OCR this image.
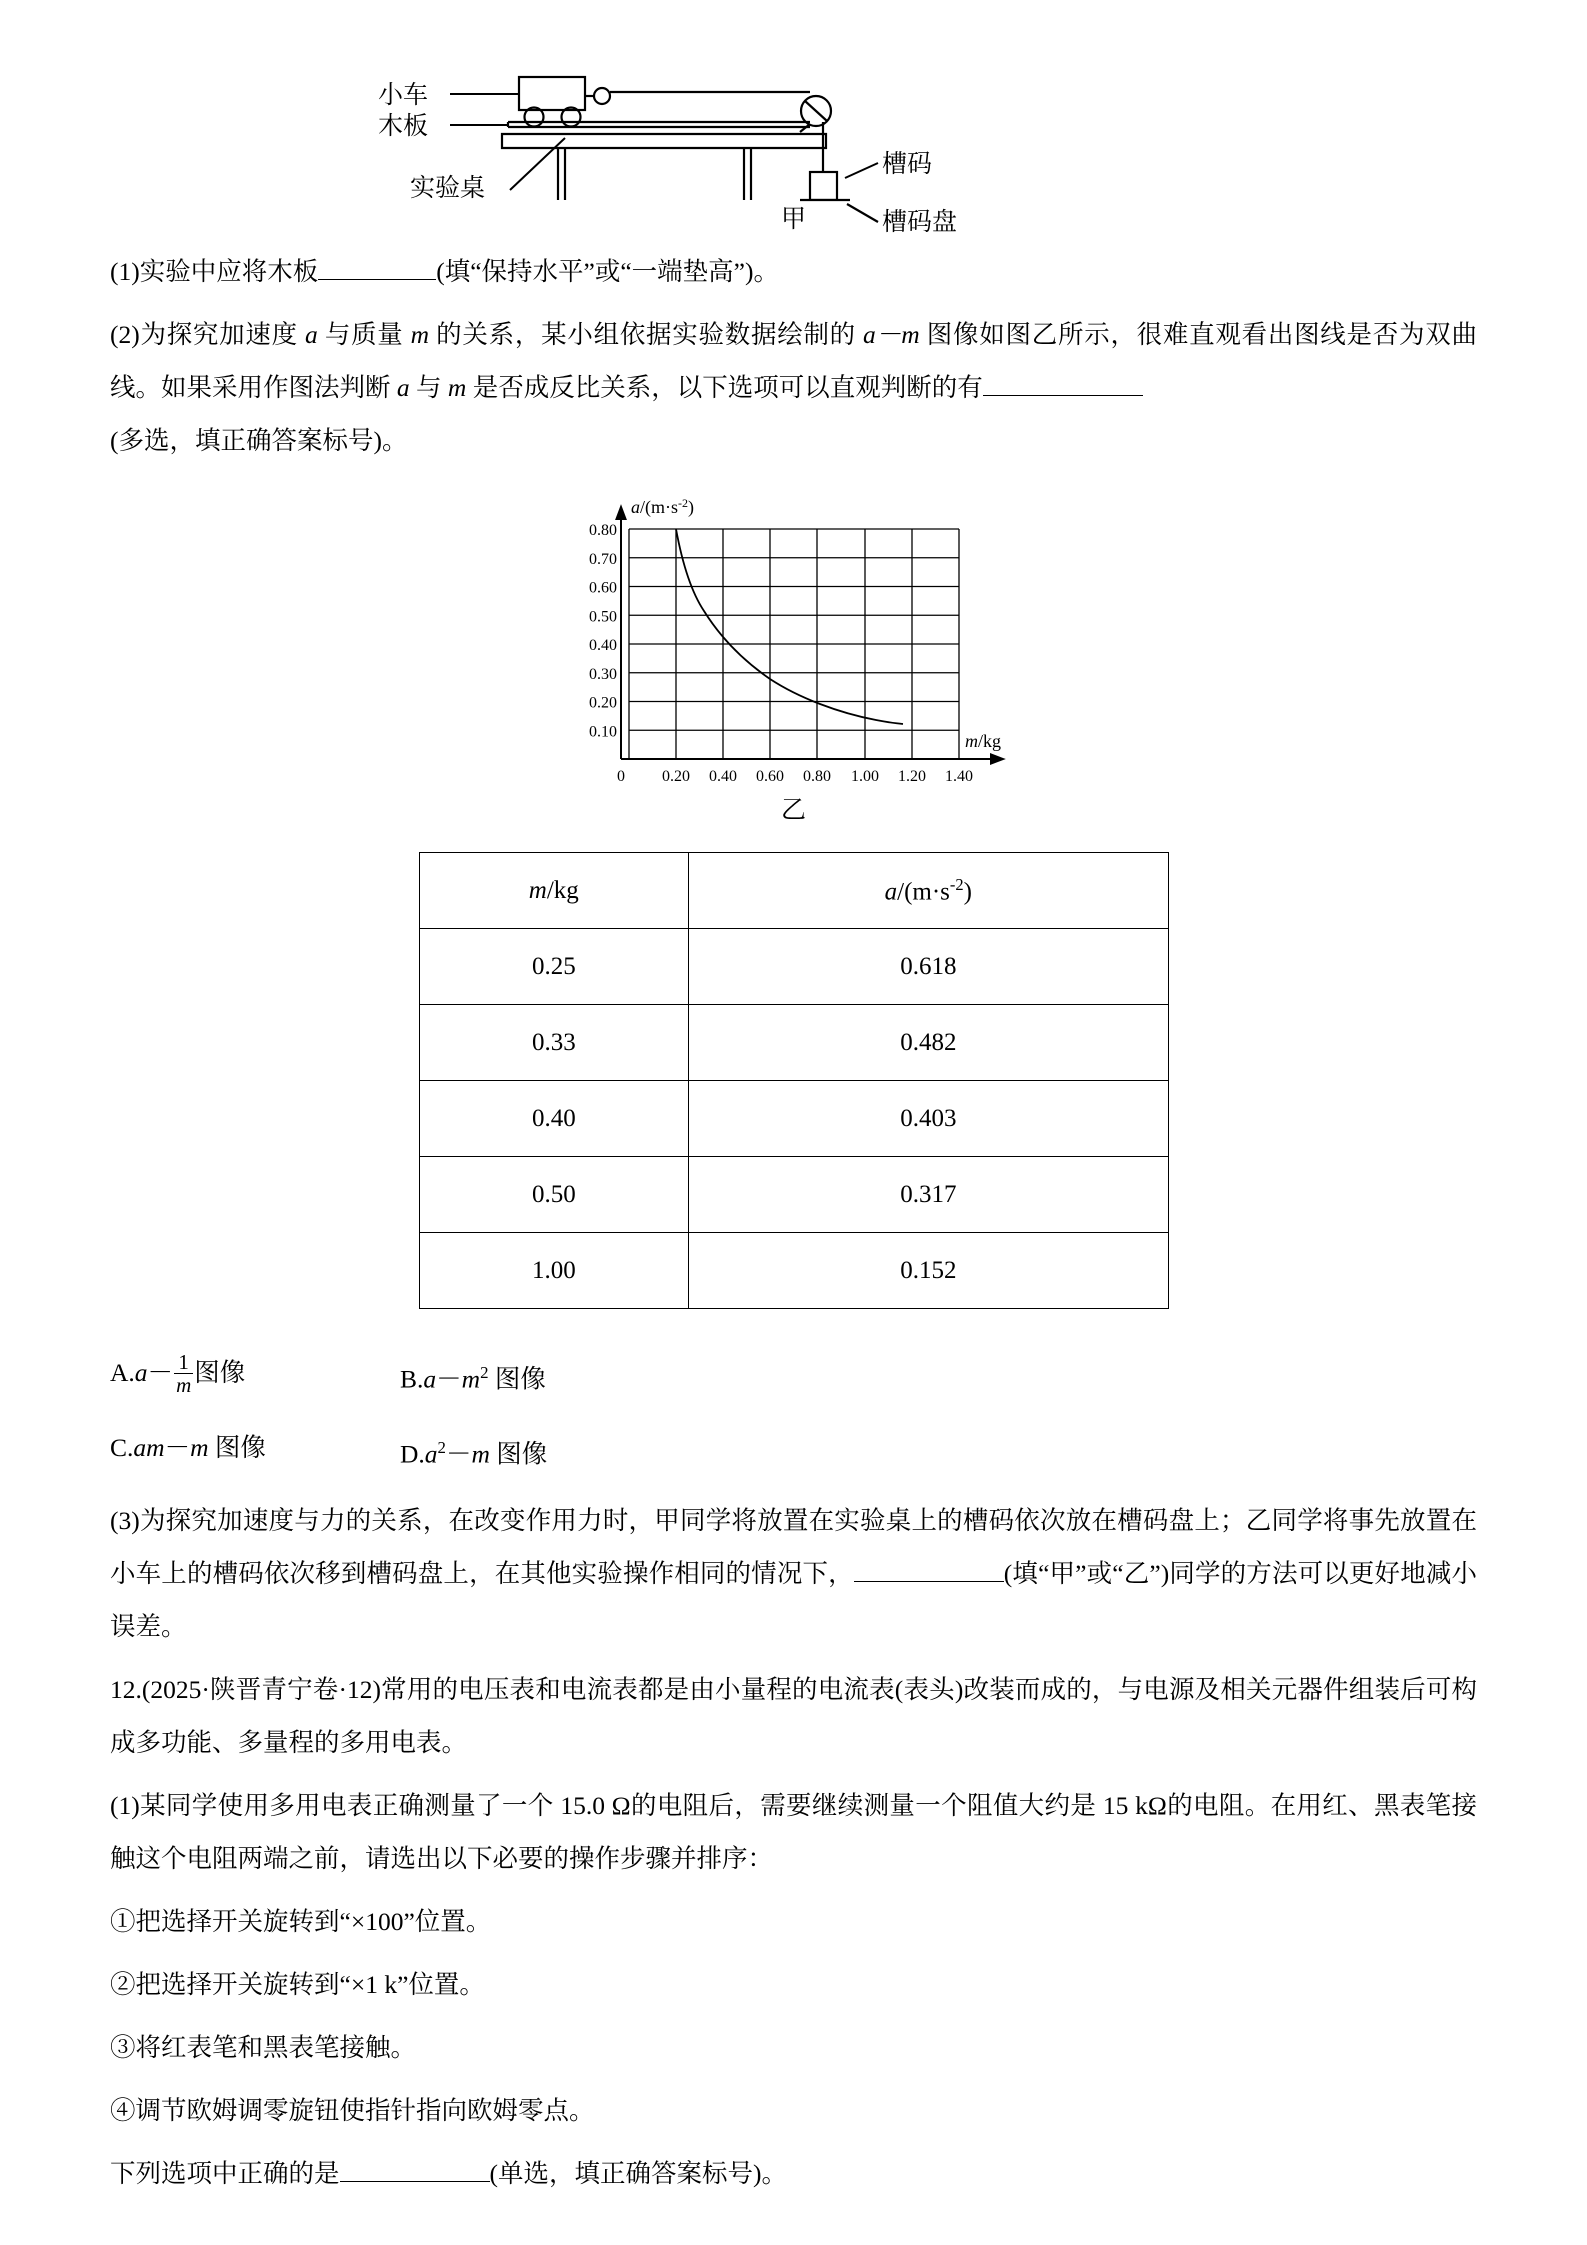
小车
木板
实验桌
槽码
槽码盘
甲

(1)实验中应将木板	(填“保持水平”或“一端垫高”)。

(2)为探究加速度 a 与质量 m 的关系，某小组依据实验数据绘制的 a－m 图像如图乙所示，很难直观看出图线是否为双曲线。如果采用作图法判断 a 与 m 是否成反比关系，以下选项可以直观判断的有
(多选，填正确答案标号)。

0.80
0.70
0.60
0.50
0.40
0.30
0.20
0.10
0 0.20 0.40 0.60 0.80 1.00 1.20 1.40
$a/(m\cdot s^{-2})$
m/kg
乙
m/kg	$a/(m\cdot s^{-2})$
0.25	0.618
0.33	0.482
0.40	0.403
0.50	0.317
1.00	0.152
$A.a- \frac{1}{m}$ 图像	$B.a-m^2$ 图像
C.am－m 图像	$D.a^2-m$ 图像

(3)为探究加速度与力的关系，在改变作用力时，甲同学将放置在实验桌上的槽码依次放在槽码盘上；乙同学将事先放置在小车上的槽码依次移到槽码盘上，在其他实验操作相同的情况下，	(填“甲”或“乙”)同学的方法可以更好地减小误差。

12.(2025·陕晋青宁卷·12)常用的电压表和电流表都是由小量程的电流表(表头)改装而成的，与电源及相关元器件组装后可构成多功能、多量程的多用电表。

(1)某同学使用多用电表正确测量了一个 15.0 Ω的电阻后，需要继续测量一个阻值大约是 15 kΩ的电阻。在用红、黑表笔接触这个电阻两端之前，请选出以下必要的操作步骤并排序：

①把选择开关旋转到“×100”位置。

②把选择开关旋转到“×1 k”位置。

③将红表笔和黑表笔接触。

④调节欧姆调零旋钮使指针指向欧姆零点。

下列选项中正确的是	(单选，填正确答案标号)。
